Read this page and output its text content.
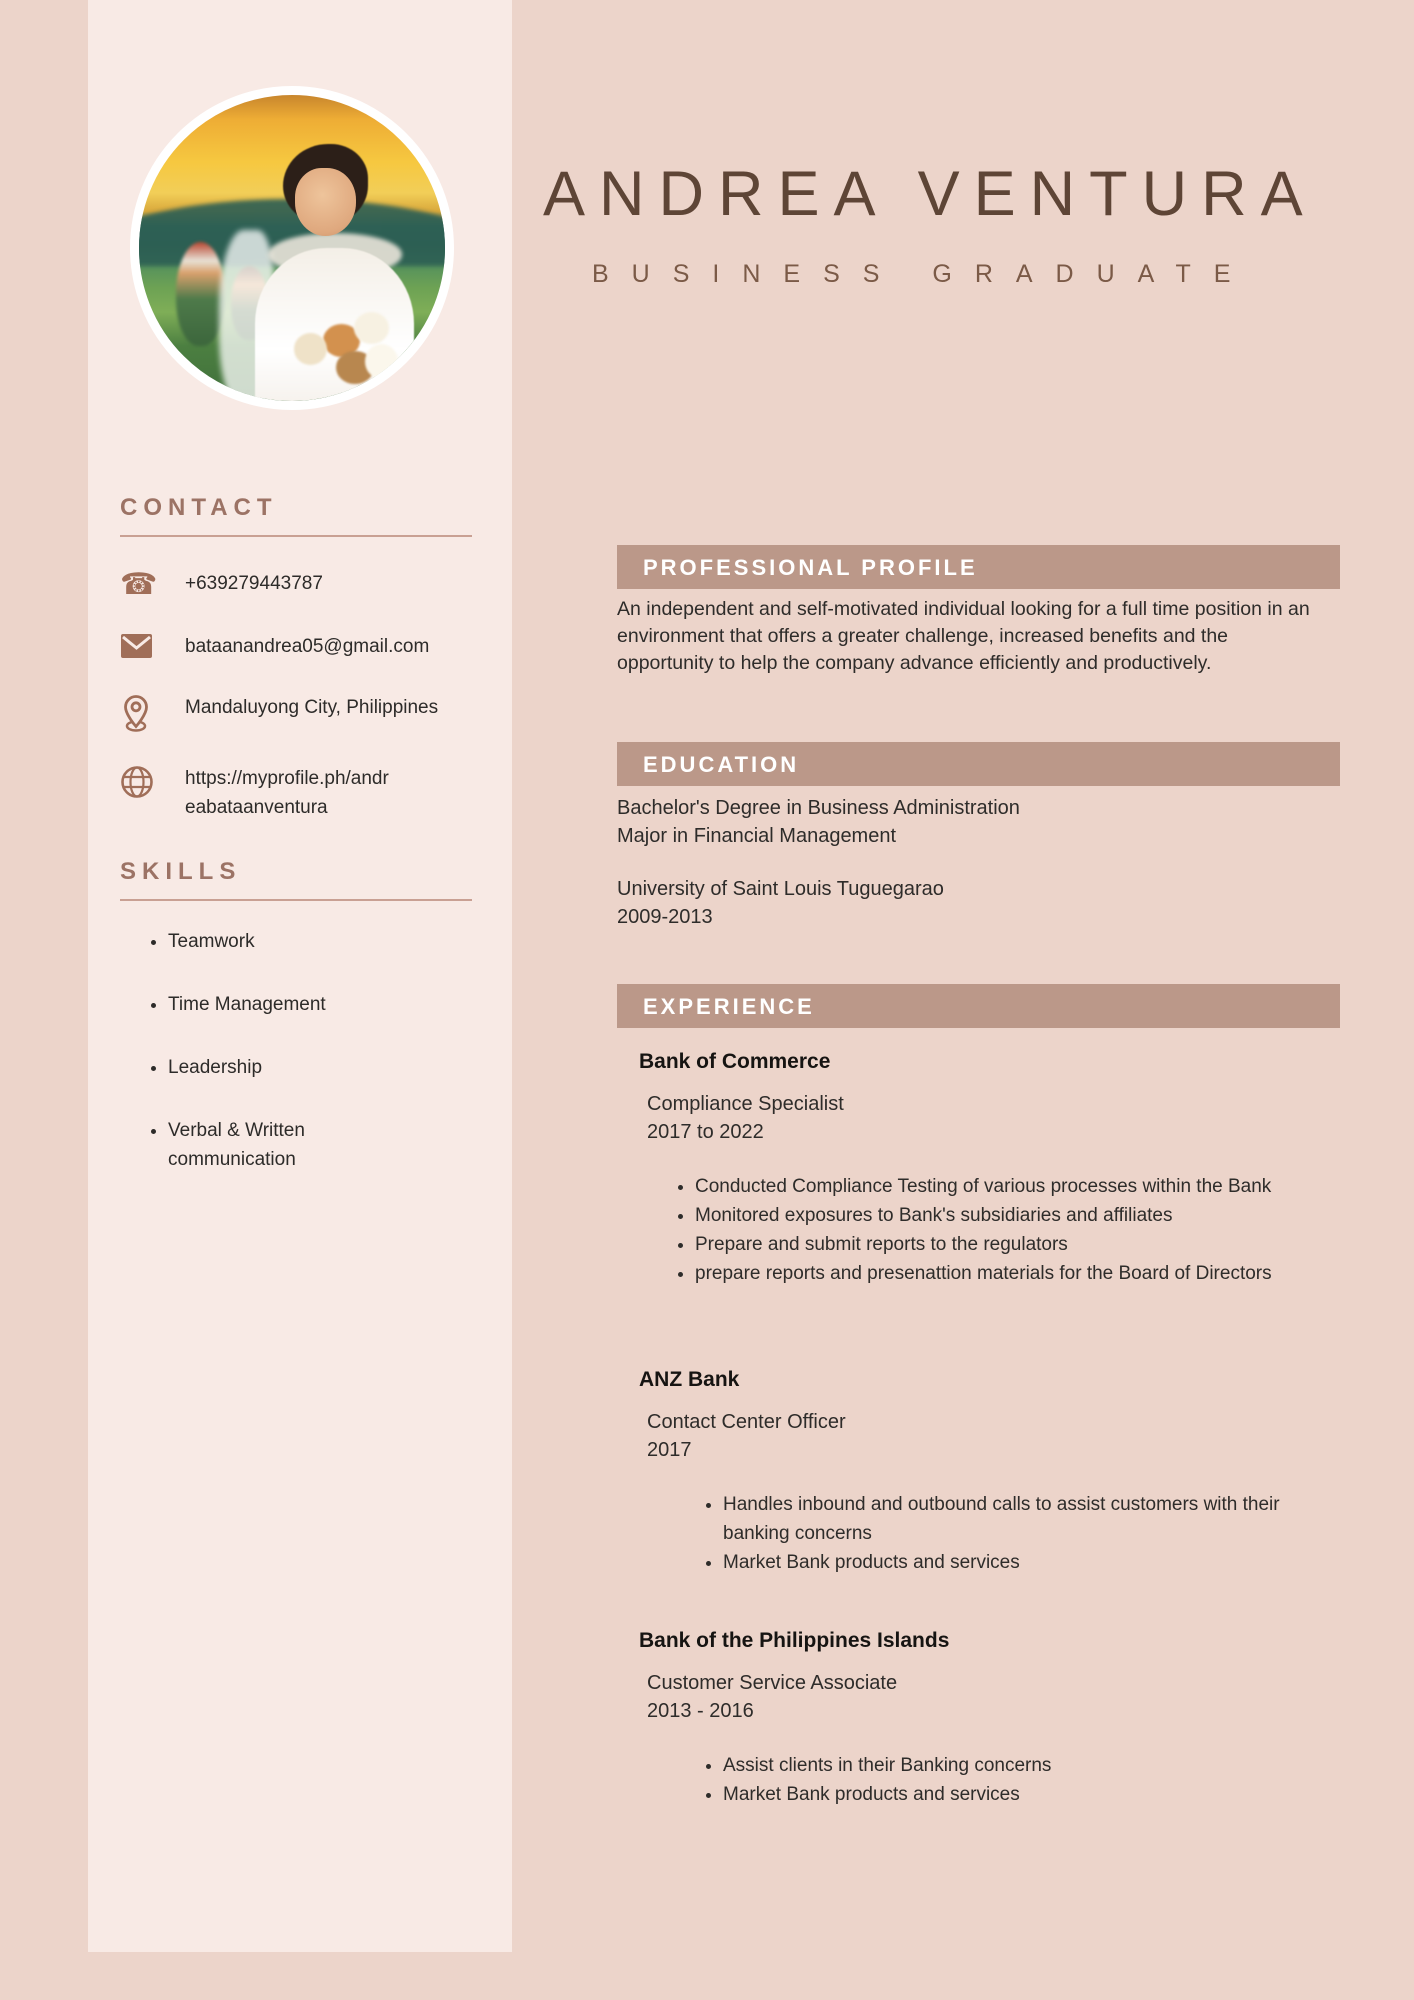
CONTACT
☎	+639279443787
bataanandrea05@gmail.com
Mandaluyong City, Philippines
https://myprofile.ph/andreabataanventura
SKILLS
• Teamwork
• Time Management
• Leadership
• Verbal & Written communication
ANDREA VENTURA
BUSINESS GRADUATE
PROFESSIONAL PROFILE

An independent and self-motivated individual looking for a full time position in an environment that offers a greater challenge, increased benefits and the opportunity to help the company advance efficiently and productively.

EDUCATION

Bachelor's Degree in Business Administration
Major in Financial Management

University of Saint Louis Tuguegarao
2009-2013

EXPERIENCE
Bank of Commerce
Compliance Specialist
2017 to 2022
• Conducted Compliance Testing of various processes within the Bank
• Monitored exposures to Bank's subsidiaries and affiliates
• Prepare and submit reports to the regulators
• prepare reports and presenattion materials for the Board of Directors
ANZ Bank
Contact Center Officer
2017
• Handles inbound and outbound calls to assist customers with their banking concerns
• Market Bank products and services
Bank of the Philippines Islands
Customer Service Associate
2013 - 2016
• Assist clients in their Banking concerns
• Market Bank products and services
